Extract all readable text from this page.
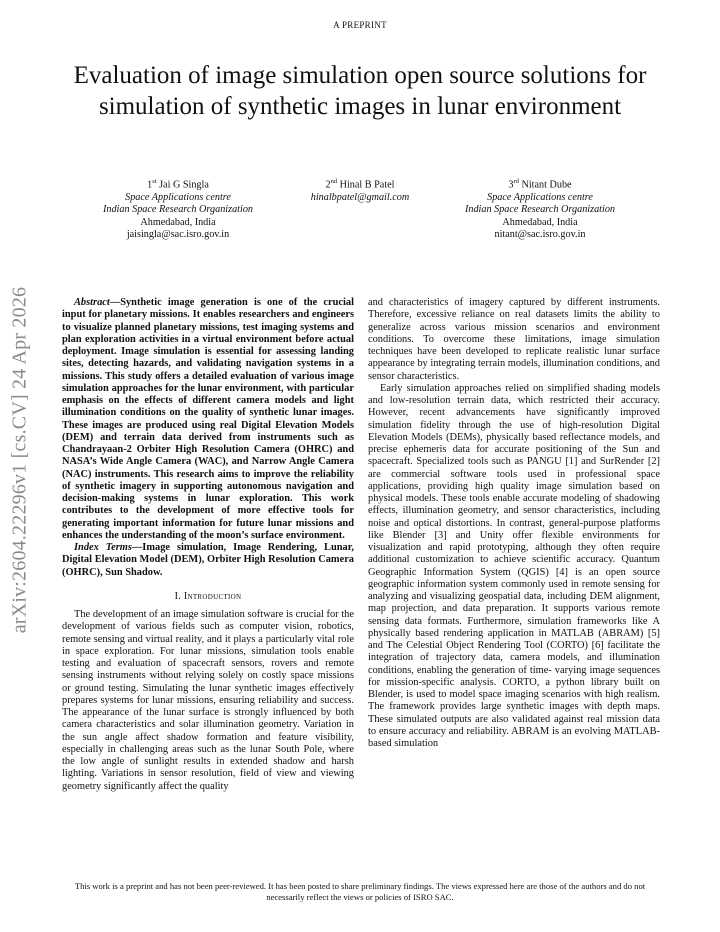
A PREPRINT
Evaluation of image simulation open source solutions for simulation of synthetic images in lunar environment
1st Jai G Singla
Space Applications centre
Indian Space Research Organization
Ahmedabad, India
jaisingla@sac.isro.gov.in
2nd Hinal B Patel
hinalbpatel@gmail.com
3rd Nitant Dube
Space Applications centre
Indian Space Research Organization
Ahmedabad, India
nitant@sac.isro.gov.in
arXiv:2604.22296v1 [cs.CV] 24 Apr 2026	Abstract—Synthetic image generation is one of the crucial input for planetary missions. It enables researchers and engineers to visualize planned planetary missions, test imaging systems and plan exploration activities in a virtual environment before actual deployment. Image simulation is essential for assessing landing sites, detecting hazards, and validating navigation systems in a missions. This study offers a detailed evaluation of various image simulation approaches for the lunar environment, with particular emphasis on the effects of different camera models and light illumination conditions on the quality of synthetic lunar images. These images are produced using real Digital Elevation Models (DEM) and terrain data derived from instruments such as Chandrayaan-2 Orbiter High Resolution Camera (OHRC) and NASA’s Wide Angle Camera (WAC), and Narrow Angle Camera (NAC) instruments. This research aims to improve the reliability of synthetic imagery in supporting autonomous navigation and decision-making systems in lunar exploration. This work contributes to the development of more effective tools for generating important information for future lunar missions and enhances the understanding of the moon’s surface environment.

Index Terms—Image simulation, Image Rendering, Lunar, Digital Elevation Model (DEM), Orbiter High Resolution Camera (OHRC), Sun Shadow.

I. Introduction

The development of an image simulation software is crucial for the development of various fields such as computer vision, robotics, remote sensing and virtual reality, and it plays a particularly vital role in space exploration. For lunar missions, simulation tools enable testing and evaluation of spacecraft sensors, rovers and remote sensing instruments without relying solely on costly space missions or ground testing. Simulating the lunar synthetic images effectively prepares systems for lunar missions, ensuring reliability and success. The appearance of the lunar surface is strongly influenced by both camera characteristics and solar illumination geometry. Variation in the sun angle affect shadow formation and feature visibility, especially in challenging areas such as the lunar South Pole, where the low angle of sunlight results in extended shadow and harsh lighting. Variations in sensor resolution, field of view and viewing geometry significantly affect the quality

and characteristics of imagery captured by different instruments. Therefore, excessive reliance on real datasets limits the ability to generalize across various mission scenarios and environment conditions. To overcome these limitations, image simulation techniques have been developed to replicate realistic lunar surface appearance by integrating terrain models, illumination conditions, and sensor characteristics.

Early simulation approaches relied on simplified shading models and low-resolution terrain data, which restricted their accuracy. However, recent advancements have significantly improved simulation fidelity through the use of high-resolution Digital Elevation Models (DEMs), physically based reflectance models, and precise ephemeris data for accurate positioning of the Sun and spacecraft. Specialized tools such as PANGU [1] and SurRender [2] are commercial software tools used in professional space applications, providing high quality image simulation based on physical models. These tools enable accurate modeling of shadowing effects, illumination geometry, and sensor characteristics, including noise and optical distortions. In contrast, general-purpose platforms like Blender [3] and Unity offer flexible environments for visualization and rapid prototyping, although they often require additional customization to achieve scientific accuracy. Quantum Geographic Information System (QGIS) [4] is an open source geographic information system commonly used in remote sensing for analyzing and visualizing geospatial data, including DEM alignment, map projection, and data preparation. It supports various remote sensing data formats. Furthermore, simulation frameworks like A physically based rendering application in MATLAB (ABRAM) [5] and The Celestial Object Rendering Tool (CORTO) [6] facilitate the integration of trajectory data, camera models, and illumination conditions, enabling the generation of time- varying image sequences for mission-specific analysis. CORTO, a python library built on Blender, is used to model space imaging scenarios with high realism. The framework provides large synthetic images with depth maps. These simulated outputs are also validated against real mission data to ensure accuracy and reliability. ABRAM is an evolving MATLAB-based simulation

This work is a preprint and has not been peer-reviewed. It has been posted to share preliminary findings. The views expressed here are those of the authors and do not necessarily reflect the views or policies of ISRO SAC.
